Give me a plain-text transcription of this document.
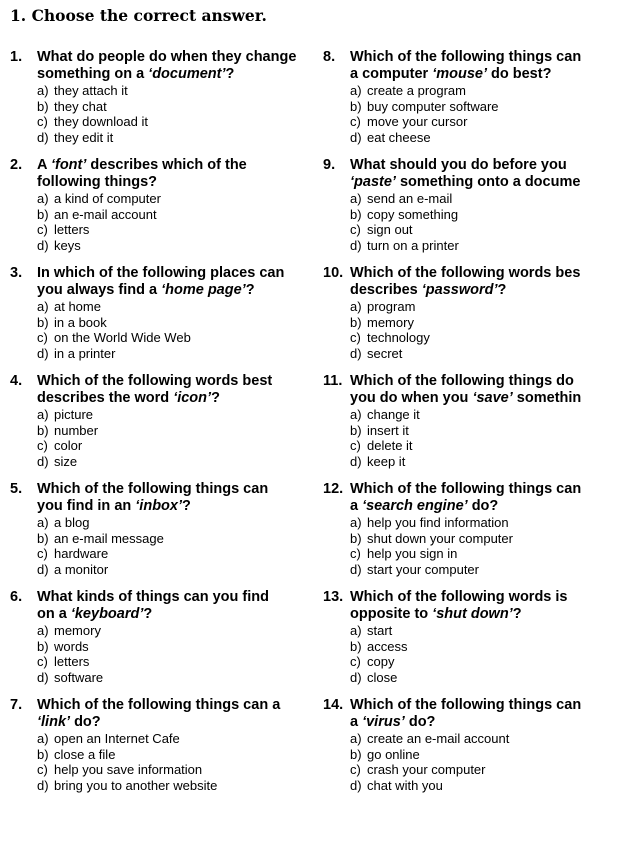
1. Choose the correct answer.
1. What do people do when they change
something on a ‘document’?
a) they attach it
b) they chat
c) they download it
d) they edit it
2. A ‘font’ describes which of the
following things?
a) a kind of computer
b) an e-mail account
c) letters
d) keys
3. In which of the following places can
you always find a ‘home page’?
a) at home
b) in a book
c) on the World Wide Web
d) in a printer
4. Which of the following words best
describes the word ‘icon’?
a) picture
b) number
c) color
d) size
5. Which of the following things can
you find in an ‘inbox’?
a) a blog
b) an e-mail message
c) hardware
d) a monitor
6. What kinds of things can you find
on a ‘keyboard’?
a) memory
b) words
c) letters
d) software
7. Which of the following things can a
‘link’ do?
a) open an Internet Cafe
b) close a file
c) help you save information
d) bring you to another website
8. Which of the following things can
a computer ‘mouse’ do best?
a) create a program
b) buy computer software
c) move your cursor
d) eat cheese
9. What should you do before you
‘paste’ something onto a docume
a) send an e-mail
b) copy something
c) sign out
d) turn on a printer
10. Which of the following words bes
describes ‘password’?
a) program
b) memory
c) technology
d) secret
11. Which of the following things do
you do when you ‘save’ somethin
a) change it
b) insert it
c) delete it
d) keep it
12. Which of the following things can
a ‘search engine’ do?
a) help you find information
b) shut down your computer
c) help you sign in
d) start your computer
13. Which of the following words is
opposite to ‘shut down’?
a) start
b) access
c) copy
d) close
14. Which of the following things can
a ‘virus’ do?
a) create an e-mail account
b) go online
c) crash your computer
d) chat with you
